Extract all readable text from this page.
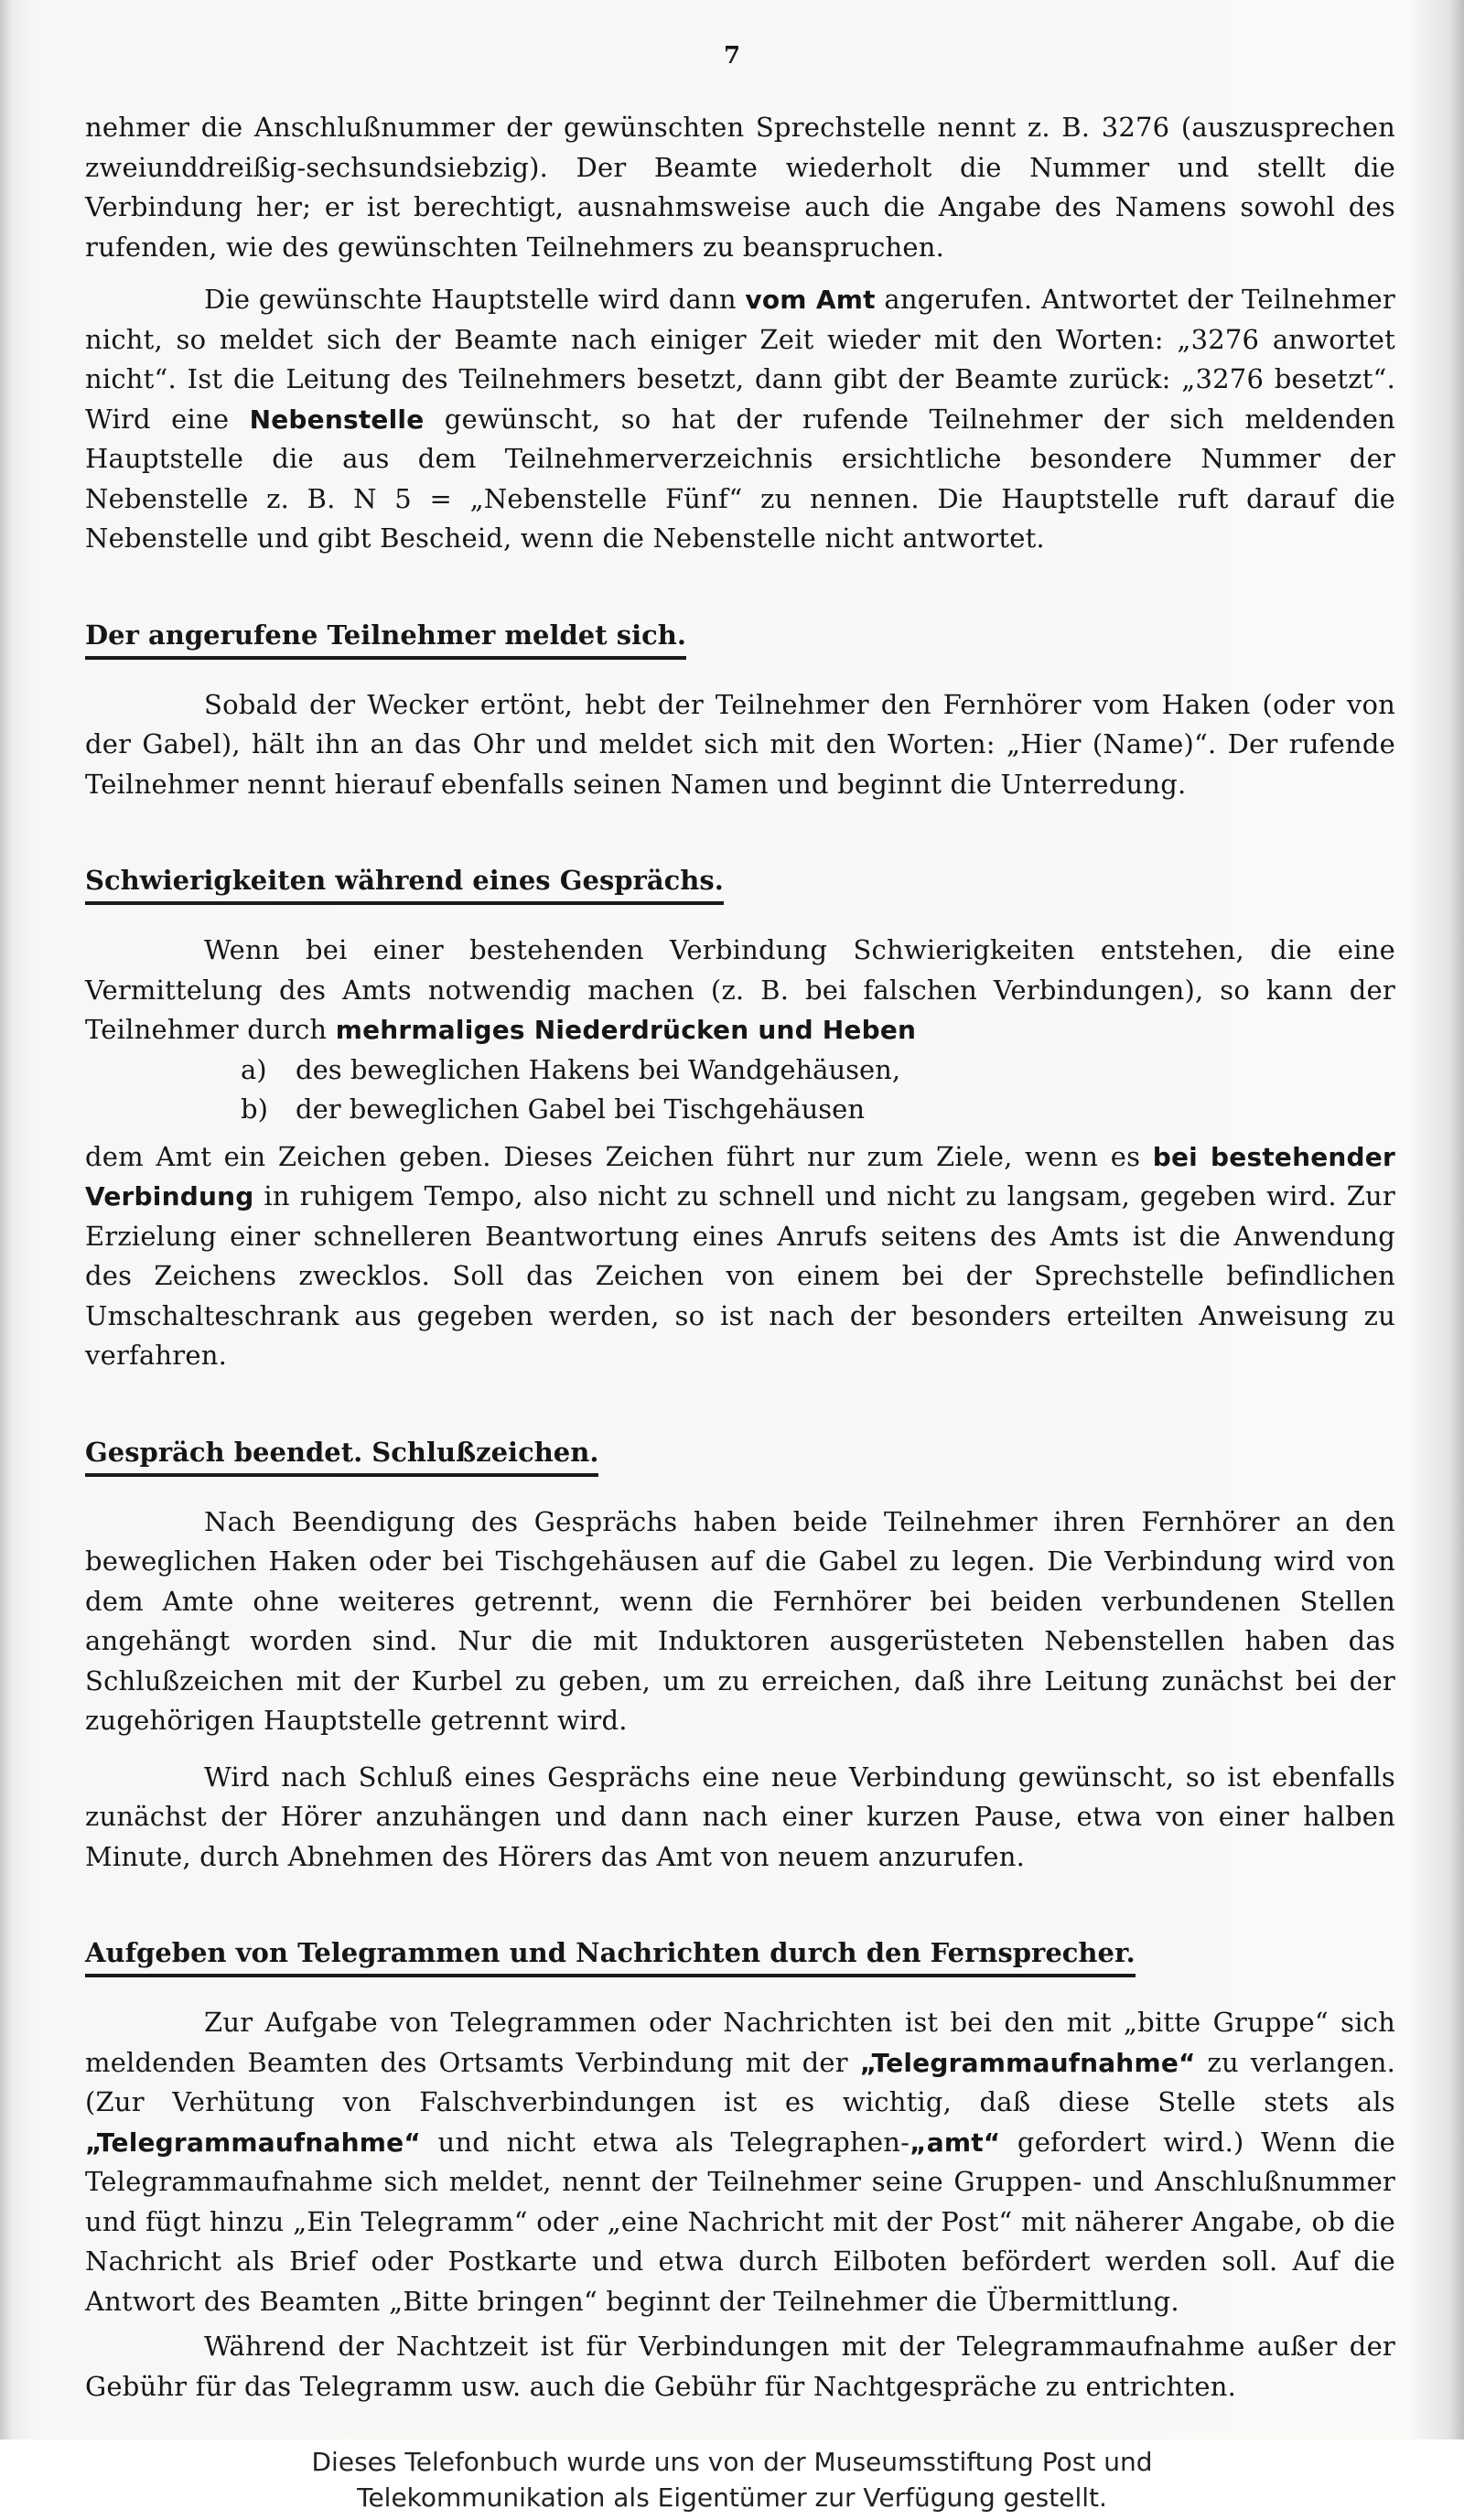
7

nehmer die Anschlußnummer der gewünschten Sprechstelle nennt z. B. 3276 (auszusprechen zweiunddreißig-sechsundsiebzig). Der Beamte wiederholt die Nummer und stellt die Verbindung her; er ist berechtigt, ausnahmsweise auch die Angabe des Namens sowohl des rufenden, wie des gewünschten Teilnehmers zu beanspruchen.

Die gewünschte Hauptstelle wird dann vom Amt angerufen. Antwortet der Teilnehmer nicht, so meldet sich der Beamte nach einiger Zeit wieder mit den Worten: „3276 anwortet nicht“. Ist die Leitung des Teilnehmers besetzt, dann gibt der Beamte zurück: „3276 besetzt“. Wird eine Nebenstelle gewünscht, so hat der rufende Teilnehmer der sich meldenden Hauptstelle die aus dem Teilnehmerverzeichnis ersichtliche besondere Nummer der Nebenstelle z. B. N 5 = „Nebenstelle Fünf“ zu nennen. Die Hauptstelle ruft darauf die Nebenstelle und gibt Bescheid, wenn die Nebenstelle nicht antwortet.

Der angerufene Teilnehmer meldet sich.

Sobald der Wecker ertönt, hebt der Teilnehmer den Fernhörer vom Haken (oder von der Gabel), hält ihn an das Ohr und meldet sich mit den Worten: „Hier (Name)“. Der rufende Teilnehmer nennt hierauf ebenfalls seinen Namen und beginnt die Unterredung.

Schwierigkeiten während eines Gesprächs.

Wenn bei einer bestehenden Verbindung Schwierigkeiten entstehen, die eine Vermittelung des Amts notwendig machen (z. B. bei falschen Verbindungen), so kann der Teilnehmer durch mehrmaliges Niederdrücken und Heben

a)	des beweglichen Hakens bei Wandgehäusen,
b)	der beweglichen Gabel bei Tischgehäusen

dem Amt ein Zeichen geben. Dieses Zeichen führt nur zum Ziele, wenn es bei bestehender Verbindung in ruhigem Tempo, also nicht zu schnell und nicht zu langsam, gegeben wird. Zur Erzielung einer schnelleren Beantwortung eines Anrufs seitens des Amts ist die Anwendung des Zeichens zwecklos. Soll das Zeichen von einem bei der Sprechstelle befindlichen Umschalteschrank aus gegeben werden, so ist nach der besonders erteilten Anweisung zu verfahren.

Gespräch beendet. Schlußzeichen.

Nach Beendigung des Gesprächs haben beide Teilnehmer ihren Fernhörer an den beweglichen Haken oder bei Tischgehäusen auf die Gabel zu legen. Die Verbindung wird von dem Amte ohne weiteres getrennt, wenn die Fernhörer bei beiden verbundenen Stellen angehängt worden sind. Nur die mit Induktoren ausgerüsteten Nebenstellen haben das Schlußzeichen mit der Kurbel zu geben, um zu erreichen, daß ihre Leitung zunächst bei der zugehörigen Hauptstelle getrennt wird.

Wird nach Schluß eines Gesprächs eine neue Verbindung gewünscht, so ist ebenfalls zunächst der Hörer anzuhängen und dann nach einer kurzen Pause, etwa von einer halben Minute, durch Abnehmen des Hörers das Amt von neuem anzurufen.

Aufgeben von Telegrammen und Nachrichten durch den Fernsprecher.

Zur Aufgabe von Telegrammen oder Nachrichten ist bei den mit „bitte Gruppe“ sich meldenden Beamten des Ortsamts Verbindung mit der „Telegrammaufnahme“ zu verlangen. (Zur Verhütung von Falschverbindungen ist es wichtig, daß diese Stelle stets als „Telegrammaufnahme“ und nicht etwa als Telegraphen-„amt“ gefordert wird.) Wenn die Telegrammaufnahme sich meldet, nennt der Teilnehmer seine Gruppen- und Anschlußnummer und fügt hinzu „Ein Telegramm“ oder „eine Nachricht mit der Post“ mit näherer Angabe, ob die Nachricht als Brief oder Postkarte und etwa durch Eilboten befördert werden soll. Auf die Antwort des Beamten „Bitte bringen“ beginnt der Teilnehmer die Übermittlung.

Während der Nachtzeit ist für Verbindungen mit der Telegrammaufnahme außer der Gebühr für das Telegramm usw. auch die Gebühr für Nachtgespräche zu entrichten.

Dieses Telefonbuch wurde uns von der Museumsstiftung Post und
Telekommunikation als Eigentümer zur Verfügung gestellt.
